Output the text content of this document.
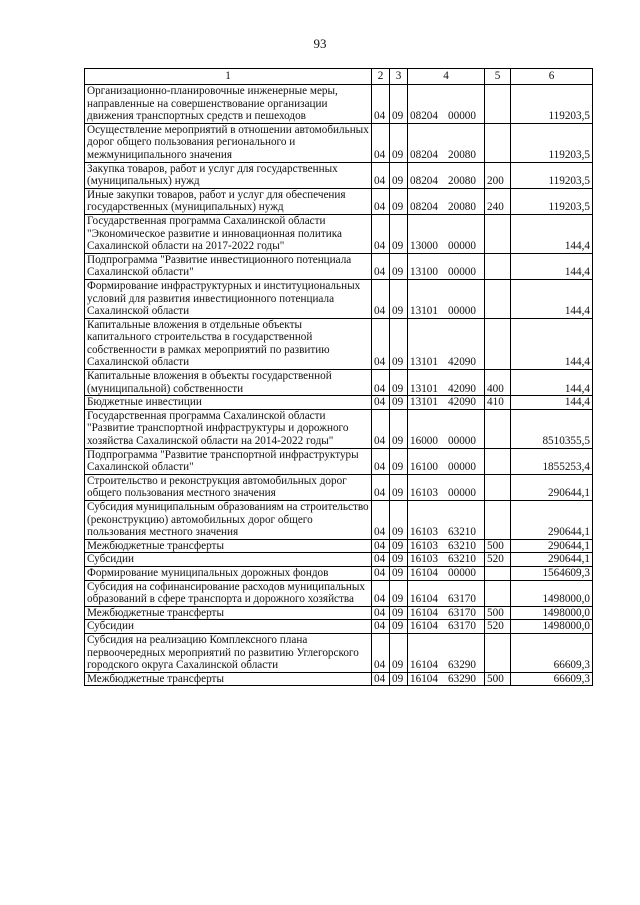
93
1	2	3	4	5	6
Организационно-планировочные инженерные меры, направленные на совершенствование организации движения транспортных средств и пешеходов	04	09	08204 00000		119203,5
Осуществление мероприятий в отношении автомобильных дорог общего пользования регионального и межмуниципального значения	04	09	08204 20080		119203,5
Закупка товаров, работ и услуг для государственных (муниципальных) нужд	04	09	08204 20080	200	119203,5
Иные закупки товаров, работ и услуг для обеспечения государственных (муниципальных) нужд	04	09	08204 20080	240	119203,5
Государственная программа Сахалинской области "Экономическое развитие и инновационная политика Сахалинской области на 2017-2022 годы"	04	09	13000 00000		144,4
Подпрограмма "Развитие инвестиционного потенциала Сахалинской области"	04	09	13100 00000		144,4
Формирование инфраструктурных и институциональных условий для развития инвестиционного потенциала Сахалинской области	04	09	13101 00000		144,4
Капитальные вложения в отдельные объекты капитального строительства в государственной собственности в рамках мероприятий по развитию Сахалинской области	04	09	13101 42090		144,4
Капитальные вложения в объекты государственной (муниципальной) собственности	04	09	13101 42090	400	144,4
Бюджетные инвестиции	04	09	13101 42090	410	144,4
Государственная программа Сахалинской области "Развитие транспортной инфраструктуры и дорожного хозяйства Сахалинской области на 2014-2022 годы"	04	09	16000 00000		8510355,5
Подпрограмма "Развитие транспортной инфраструктуры Сахалинской области"	04	09	16100 00000		1855253,4
Строительство и реконструкция автомобильных дорог общего пользования местного значения	04	09	16103 00000		290644,1
Субсидия муниципальным образованиям на строительство (реконструкцию) автомобильных дорог общего пользования местного значения	04	09	16103 63210		290644,1
Межбюджетные трансферты	04	09	16103 63210	500	290644,1
Субсидии	04	09	16103 63210	520	290644,1
Формирование муниципальных дорожных фондов	04	09	16104 00000		1564609,3
Субсидия на софинансирование расходов муниципальных образований в сфере транспорта и дорожного хозяйства	04	09	16104 63170		1498000,0
Межбюджетные трансферты	04	09	16104 63170	500	1498000,0
Субсидии	04	09	16104 63170	520	1498000,0
Субсидия на реализацию Комплексного плана первоочередных мероприятий по развитию Углегорского городского округа Сахалинской области	04	09	16104 63290		66609,3
Межбюджетные трансферты	04	09	16104 63290	500	66609,3
